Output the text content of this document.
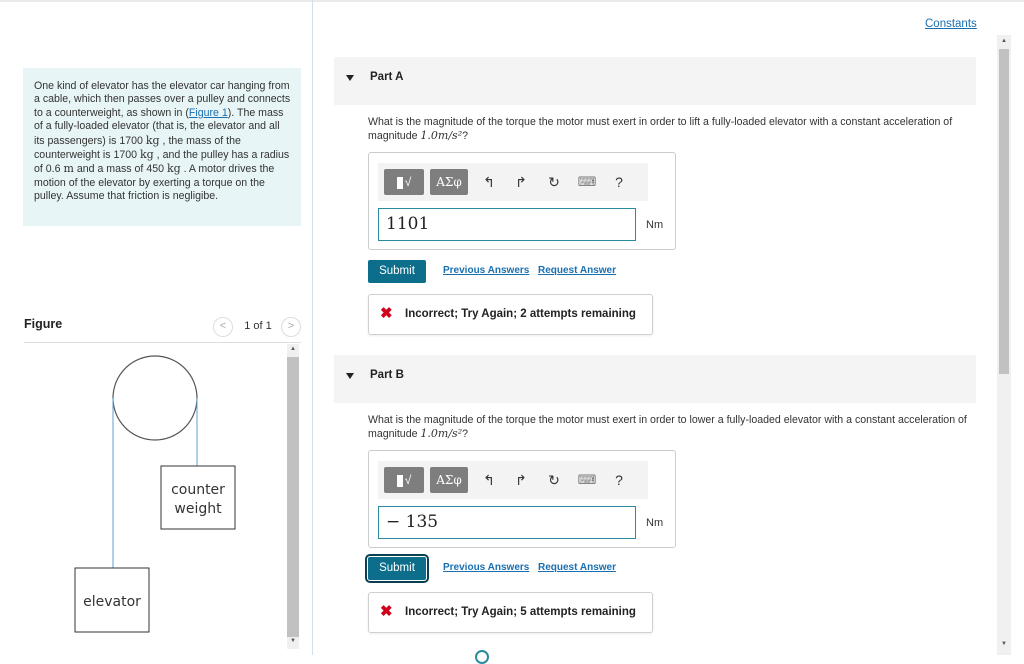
One kind of elevator has the elevator car hanging from a cable, which then passes over a pulley and connects to a counterweight, as shown in (Figure 1). The mass of a fully-loaded elevator (that is, the elevator and all its passengers) is 1700 kg , the mass of the counterweight is 1700 kg , and the pulley has a radius of 0.6 m and a mass of 450 kg . A motor drives the motion of the elevator by exerting a torque on the pulley. Assume that friction is negligibe.
Figure	<	1 of 1	>
counter
weight
elevator
▲
▼
Constants
Part A
What is the magnitude of the torque the motor must exert in order to lift a fully-loaded elevator with a constant acceleration of magnitude 1.0m/s²?
√	ΑΣφ	↰ ↱ ↻	⌨	?
1101	Nm
Submit	Previous Answers Request Answer
✖ Incorrect; Try Again; 2 attempts remaining
Part B
What is the magnitude of the torque the motor must exert in order to lower a fully-loaded elevator with a constant acceleration of magnitude 1.0m/s²?
√	ΑΣφ	↰ ↱ ↻	⌨	?
− 135	Nm
Submit	Previous Answers Request Answer
✖ Incorrect; Try Again; 5 attempts remaining
▲
▼
